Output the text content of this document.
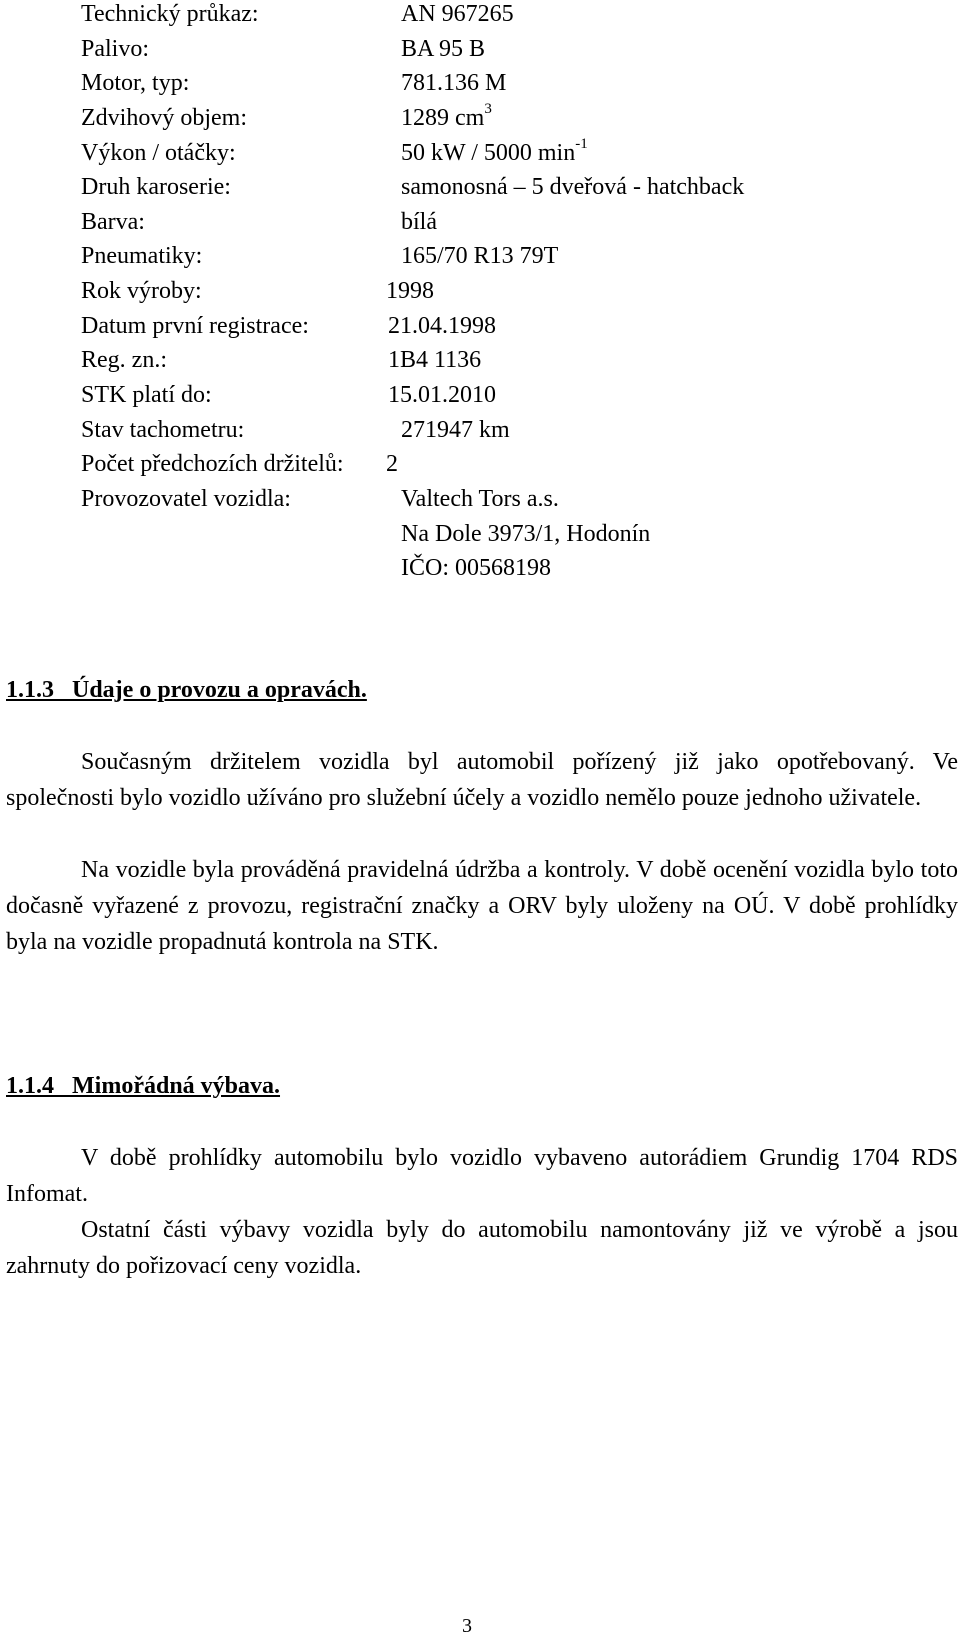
Technický průkaz:	AN 967265
Palivo:	BA 95 B
Motor, typ:	781.136 M
Zdvihový objem:	1289 $cm^3$
Výkon / otáčky:	50 kW / 5000 $\min^{-1}$
Druh karoserie:	samonosná – 5 dveřová - hatchback
Barva:	bílá
Pneumatiky:	165/70 R13 79T
Rok výroby:	1998
Datum první registrace:	21.04.1998
Reg. zn.:	1B4 1136
STK platí do:	15.01.2010
Stav tachometru:	271947 km
Počet předchozích držitelů: 2
Provozovatel vozidla:	Valtech Tors a.s.
Na Dole 3973/1, Hodonín
IČO: 00568198
1.1.3   Údaje o provozu a opravách.

Současným držitelem vozidla byl automobil pořízený již jako opotřebovaný. Ve společnosti bylo vozidlo užíváno pro služební účely a vozidlo nemělo pouze jednoho uživatele.

Na vozidle byla prováděná pravidelná údržba a kontroly. V době ocenění vozidla bylo toto dočasně vyřazené z provozu, registrační značky a ORV byly uloženy na OÚ. V době prohlídky byla na vozidle propadnutá kontrola na STK.

1.1.4   Mimořádná výbava.

V době prohlídky automobilu bylo vozidlo vybaveno autorádiem Grundig 1704 RDS Infomat.

Ostatní části výbavy vozidla byly do automobilu namontovány již ve výrobě a jsou zahrnuty do pořizovací ceny vozidla.

3
